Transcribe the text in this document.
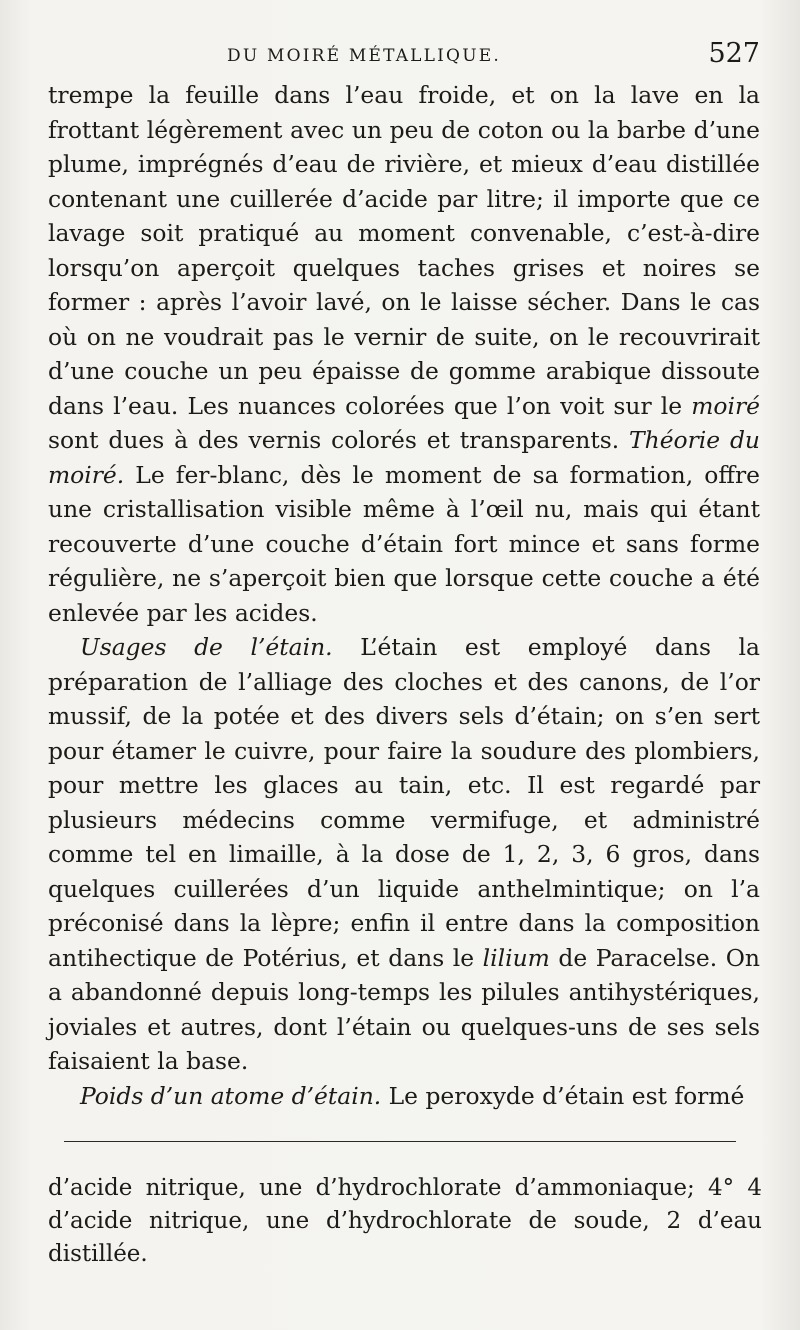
DU MOIRÉ MÉTALLIQUE.	527

trempe la feuille dans l’eau froide, et on la lave en la frottant légèrement avec un peu de coton ou la barbe d’une plume, imprégnés d’eau de rivière, et mieux d’eau distillée contenant une cuillerée d’acide par litre; il importe que ce lavage soit pratiqué au moment convenable, c’est-à-dire lorsqu’on aperçoit quelques taches grises et noires se former : après l’avoir lavé, on le laisse sécher. Dans le cas où on ne voudrait pas le vernir de suite, on le recouvrirait d’une couche un peu épaisse de gomme arabique dissoute dans l’eau. Les nuances colorées que l’on voit sur le moiré sont dues à des vernis colorés et transparents. Théorie du moiré. Le fer-blanc, dès le moment de sa formation, offre une cristallisation visible même à l’œil nu, mais qui étant recouverte d’une couche d’étain fort mince et sans forme régulière, ne s’aperçoit bien que lorsque cette couche a été enlevée par les acides.

Usages de l’étain. L’étain est employé dans la préparation de l’alliage des cloches et des canons, de l’or mussif, de la potée et des divers sels d’étain; on s’en sert pour étamer le cuivre, pour faire la soudure des plombiers, pour mettre les glaces au tain, etc. Il est regardé par plusieurs médecins comme vermifuge, et administré comme tel en limaille, à la dose de 1, 2, 3, 6 gros, dans quelques cuillerées d’un liquide anthelmintique; on l’a préconisé dans la lèpre; enfin il entre dans la composition antihectique de Potérius, et dans le lilium de Paracelse. On a abandonné depuis long-temps les pilules antihystériques, joviales et autres, dont l’étain ou quelques-uns de ses sels faisaient la base.

Poids d’un atome d’étain. Le peroxyde d’étain est formé

d’acide nitrique, une d’hydrochlorate d’ammoniaque; 4° 4 d’acide nitrique, une d’hydrochlorate de soude, 2 d’eau distillée.
